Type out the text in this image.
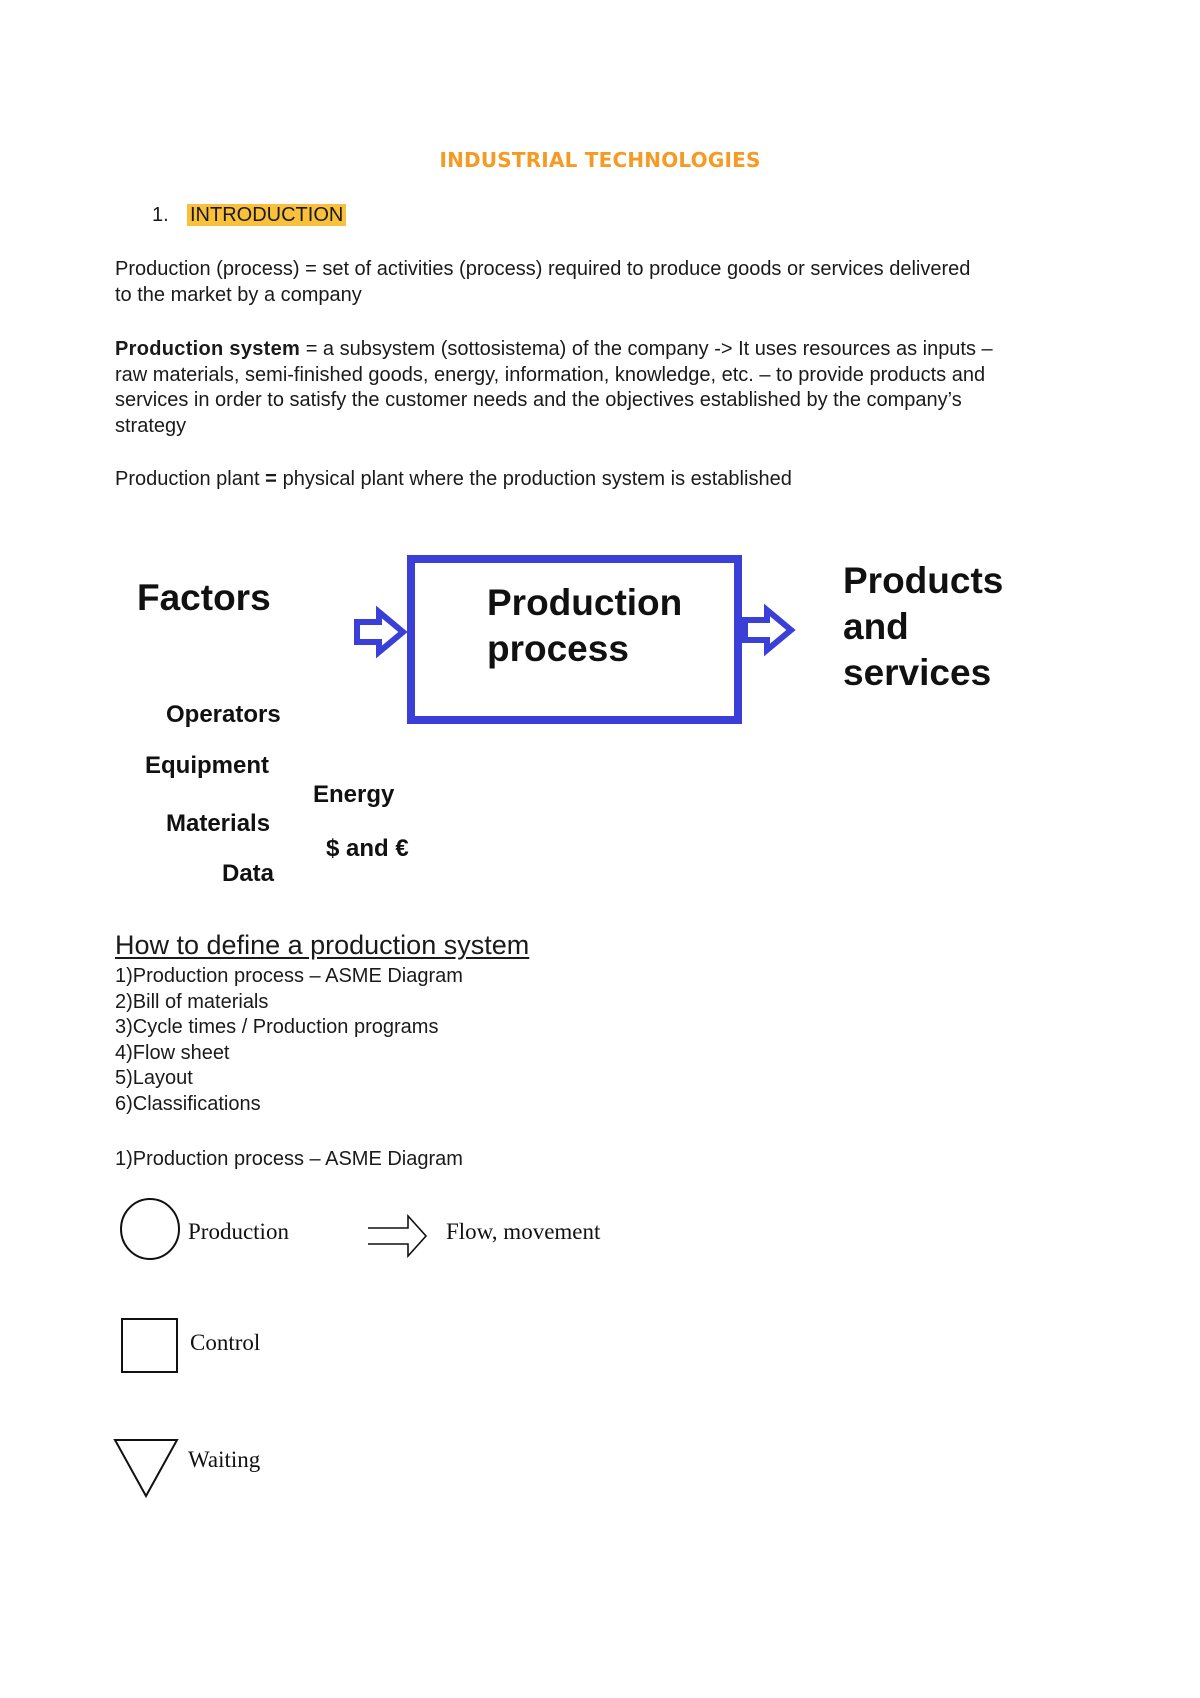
INDUSTRIAL TECHNOLOGIES
1. INTRODUCTION
Production (process) = set of activities (process) required to produce goods or services delivered
to the market by a company
Production system = a subsystem (sottosistema) of the company -> It uses resources as inputs –
raw materials, semi-finished goods, energy, information, knowledge, etc. – to provide products and
services in order to satisfy the customer needs and the objectives established by the company’s
strategy
Production plant = physical plant where the production system is established
Factors	Production
process
Products
and
services
Operators
Equipment
Energy
Materials
$ and €
Data
How to define a production system
1)Production process – ASME Diagram
2)Bill of materials
3)Cycle times / Production programs
4)Flow sheet
5)Layout
6)Classifications
1)Production process – ASME Diagram
Production	Flow, movement
Control
Waiting
